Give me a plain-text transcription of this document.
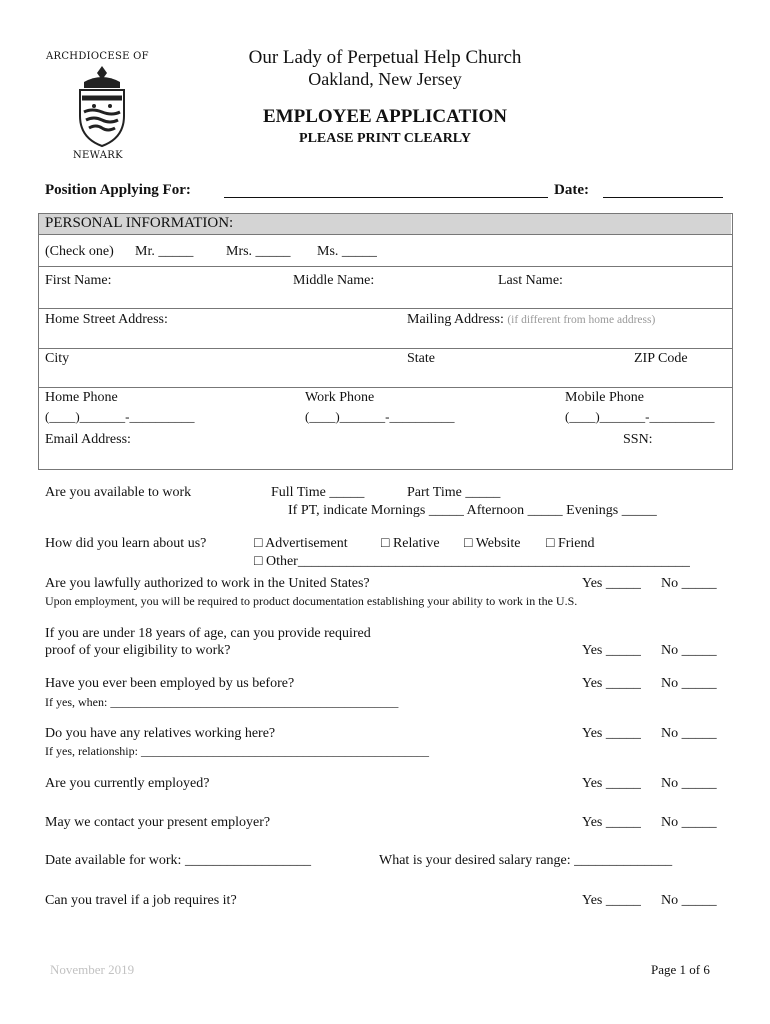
ARCHDIOCESE OF
NEWARK
Our Lady of Perpetual Help Church
Oakland, New Jersey
EMPLOYEE APPLICATION
PLEASE PRINT CLEARLY
Position Applying For:	Date:
PERSONAL INFORMATION:
(Check one) Mr. _____ Mrs. _____ Ms. _____
First Name:	Middle Name:	Last Name:
Home Street Address:	Mailing Address: (if different from home address)
City	State	ZIP Code
Home Phone	Work Phone	Mobile Phone
(____)_______-__________	(____)_______-__________	(____)_______-__________
Email Address:	SSN:
Are you available to work	Full Time _____	Part Time _____
If PT, indicate Mornings _____ Afternoon _____ Evenings _____
How did you learn about us?	□ Advertisement □ Relative □ Website □ Friend
□ Other________________________________________________________
Are you lawfully authorized to work in the United States?	Yes _____ No _____
Upon employment, you will be required to product documentation establishing your ability to work in the U.S.
If you are under 18 years of age, can you provide required
proof of your eligibility to work?	Yes _____ No _____
Have you ever been employed by us before?	Yes _____ No _____
If yes, when: ________________________________________________
Do you have any relatives working here?	Yes _____ No _____
If yes, relationship: ________________________________________________
Are you currently employed?	Yes _____ No _____
May we contact your present employer?	Yes _____ No _____
Date available for work: __________________	What is your desired salary range: ______________
Can you travel if a job requires it?	Yes _____ No _____
November 2019	Page 1 of 6
